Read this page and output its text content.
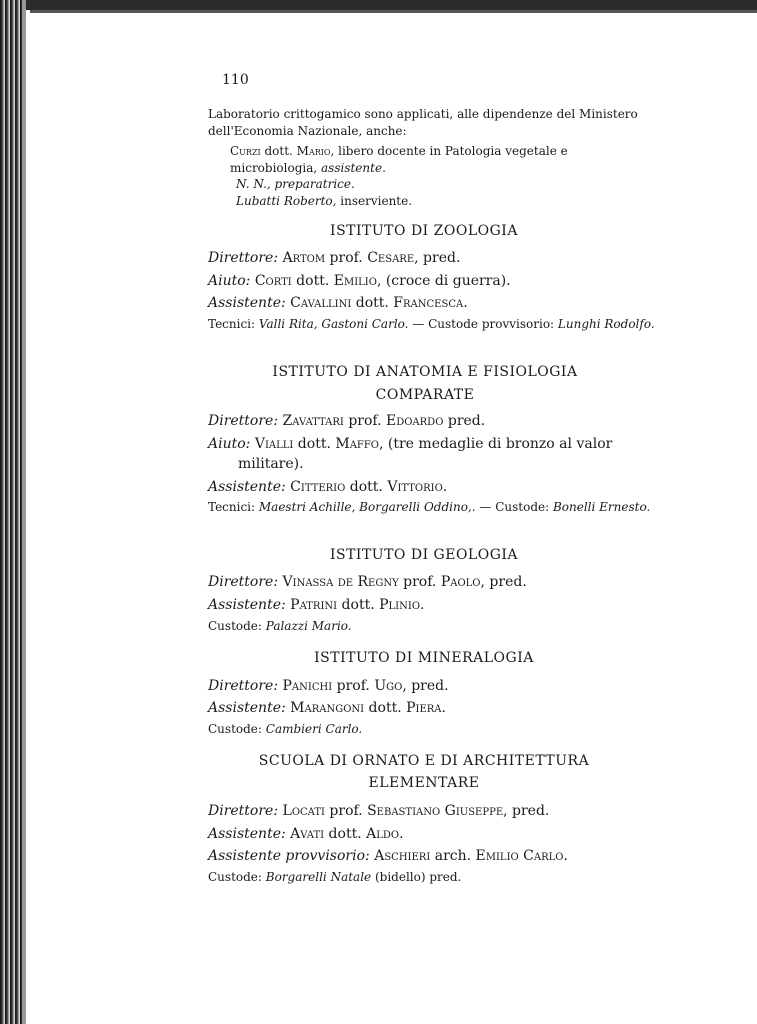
110
Laboratorio crittogamico sono applicati, alle dipendenze del Ministero dell'Economia Nazionale, anche:
Curzi dott. Mario, libero docente in Patologia vegetale e microbiologia, assistente.
N. N., preparatrice.
Lubatti Roberto, inserviente.
ISTITUTO DI ZOOLOGIA
Direttore: Artom prof. Cesare, pred.
Aiuto: Corti dott. Emilio, (croce di guerra).
Assistente: Cavallini dott. Francesca.
Tecnici: Valli Rita, Gastoni Carlo. — Custode provvisorio: Lunghi Rodolfo.
ISTITUTO DI ANATOMIA E FISIOLOGIA
COMPARATE
Direttore: Zavattari prof. Edoardo pred.
Aiuto: Vialli dott. Maffo, (tre medaglie di bronzo al valor militare).
Assistente: Citterio dott. Vittorio.
Tecnici: Maestri Achille, Borgarelli Oddino,. — Custode: Bonelli Ernesto.
ISTITUTO DI GEOLOGIA
Direttore: Vinassa de Regny prof. Paolo, pred.
Assistente: Patrini dott. Plinio.
Custode: Palazzi Mario.
ISTITUTO DI MINERALOGIA
Direttore: Panichi prof. Ugo, pred.
Assistente: Marangoni dott. Piera.
Custode: Cambieri Carlo.
SCUOLA DI ORNATO E DI ARCHITETTURA
ELEMENTARE
Direttore: Locati prof. Sebastiano Giuseppe, pred.
Assistente: Avati dott. Aldo.
Assistente provvisorio: Aschieri arch. Emilio Carlo.
Custode: Borgarelli Natale (bidello) pred.
